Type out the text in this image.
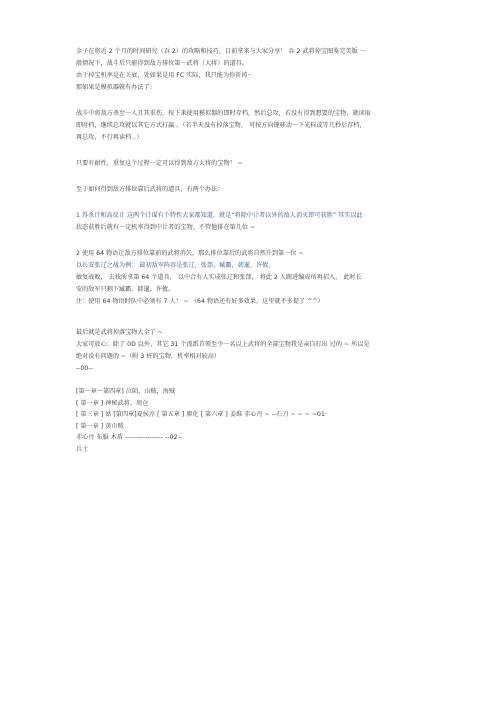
金子在将近 2 个月的时间研究（吞 2）的攻略和技巧，目前拿来与大家分享！ 吞 2 武将掉宝图鉴完美版 一
般情况下，战斗后只能得到敌方排位第一武将（大将）的道具。
由于掉宝机率是在关底，处如果是用 FC 实际，我只能为你祈祷··
那如果是模拟器就有办法了：
战斗中将敌方杀至一人且其重伤，按下来使用模拟器的即时存档，然后总攻，若没有得到想要的宝物，就读取
即时档，继续总攻就以其它方式打赢 。（若半天没有掉落宝物， 可按方向键移动一下光标或等几秒后存档，
再总攻，不行再读档 。）
只要有耐性，重复这个过程一定可以得到敌方大将的宝物！ ~
至于如何得到敌方排位靠后武将的道具，有两个办法：
1 得杀计和高反计 这两个计谋有个特性大家都知道，就是“将除中计者以外的敌人消灭即可获胜” 其实以此
状态获胜后就有一定机率得到中计者的宝物，不管他排在第几位 ~
2 使用 64 物语让敌方排位靠前的武将消失，那么排位靠后的武将自然升到第一位 ~
以长安张辽之战为例： 最初敌军阵容是张辽，张郃，臧霸，韩暹，许攸。
敏复战败， 去找所拿第 64 个道具， 以中合有人实成张辽和张郃， 将此 2 人踢进编成所再招入， 此时长
安的敌军只剩下臧霸，韩暹，许攸。
注：使用 64 物语时队中必须有 7 人！ ~ （64 物语还有好多效果，这里就不多提了 ^^）
最后就是武将掉落宝物大全了 ~
大家可放心：除了 0D 以外，其它 31 个流派首领至少一名以上武将的全部宝物我是亲自打出 过的 ~ 所以是
绝对没有问题的 ~（附 3 桩的宝物，机率相对较高）
--00--
[第一章～第四章] 泣陨，山贼，海贼
[ 第一章 ] 神秘武将，周仓
[ 第三章 ] 姑 [第四章]夏侯淳 [ 第五章 ] 廖化 [ 第六章 ] 姜维 赤心丹 ~ --石刀 ~ ~ ~ ~01·
[ 第一章 ] 黄巾贼
赤心丹 布服 木盾 ----------------- --02--
兵士
